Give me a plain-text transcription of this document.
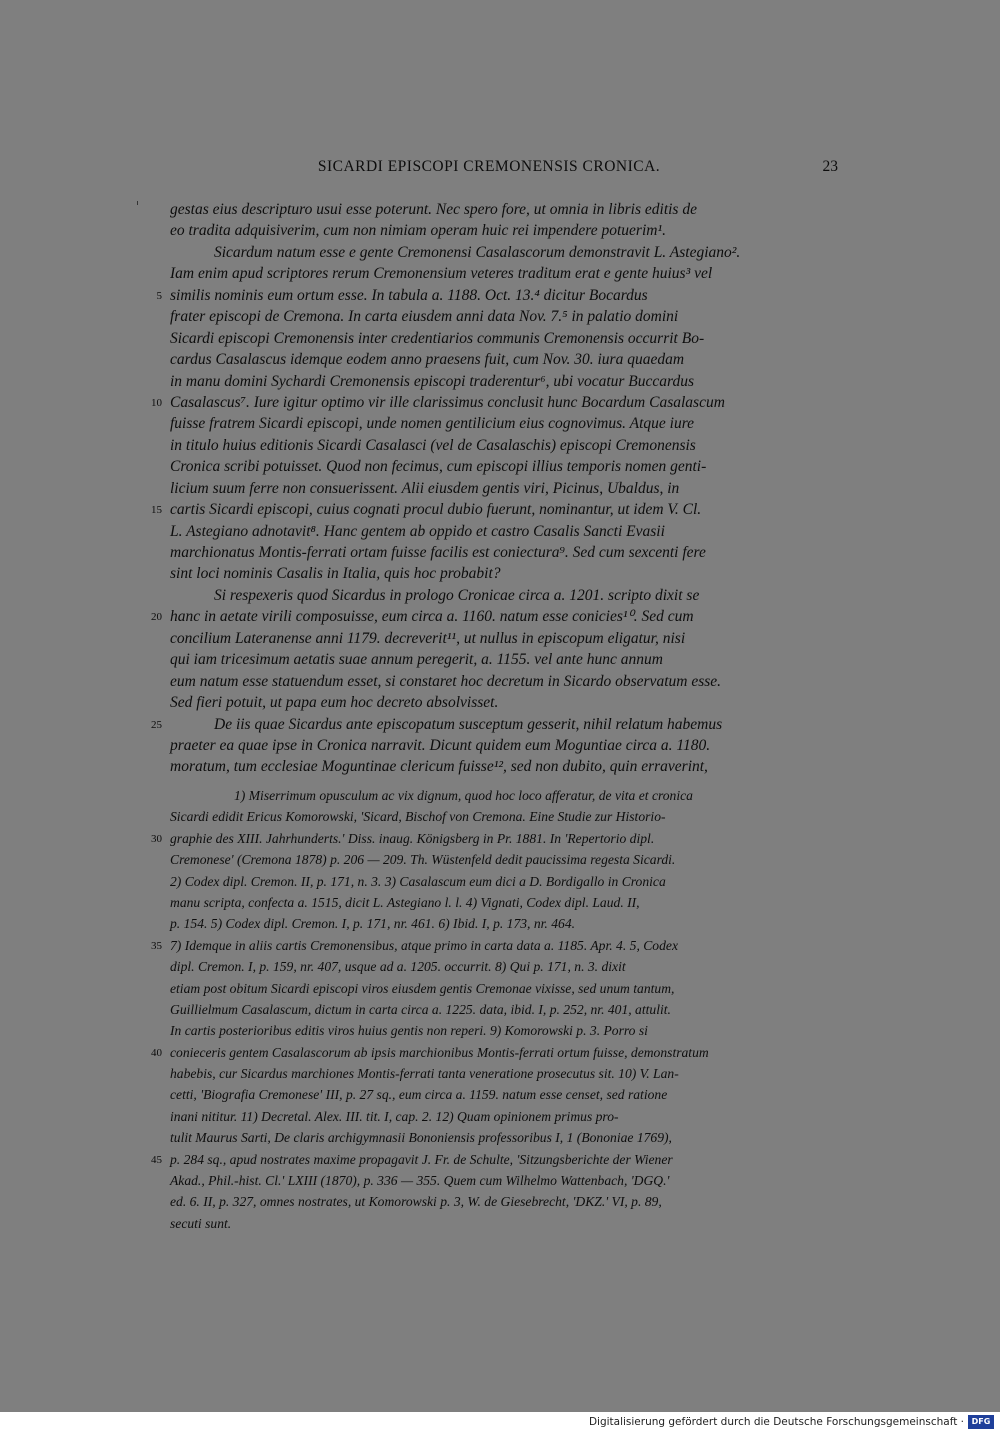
SICARDI EPISCOPI CREMONENSIS CRONICA.	23
gestas eius descripturo usui esse poterunt. Nec spero fore, ut omnia in libris editis de
eo tradita adquisiverim, cum non nimiam operam huic rei impendere potuerim¹.
Sicardum natum esse e gente Cremonensi Casalascorum demonstravit L. Astegiano².
Iam enim apud scriptores rerum Cremonensium veteres traditum erat e gente huius³ vel
5 similis nominis eum ortum esse. In tabula a. 1188. Oct. 13.⁴ dicitur Bocardus
frater episcopi de Cremona. In carta eiusdem anni data Nov. 7.⁵ in palatio domini
Sicardi episcopi Cremonensis inter credentiarios communis Cremonensis occurrit Bo-
cardus Casalascus idemque eodem anno praesens fuit, cum Nov. 30. iura quaedam
in manu domini Sychardi Cremonensis episcopi traderentur⁶, ubi vocatur Buccardus
10 Casalascus⁷. Iure igitur optimo vir ille clarissimus conclusit hunc Bocardum Casalascum
fuisse fratrem Sicardi episcopi, unde nomen gentilicium eius cognovimus. Atque iure
in titulo huius editionis Sicardi Casalasci (vel de Casalaschis) episcopi Cremonensis
Cronica scribi potuisset. Quod non fecimus, cum episcopi illius temporis nomen genti-
licium suum ferre non consuerissent. Alii eiusdem gentis viri, Picinus, Ubaldus, in
15 cartis Sicardi episcopi, cuius cognati procul dubio fuerunt, nominantur, ut idem V. Cl.
L. Astegiano adnotavit⁸. Hanc gentem ab oppido et castro Casalis Sancti Evasii
marchionatus Montis-ferrati ortam fuisse facilis est coniectura⁹. Sed cum sexcenti fere
sint loci nominis Casalis in Italia, quis hoc probabit?
Si respexeris quod Sicardus in prologo Cronicae circa a. 1201. scripto dixit se
20 hanc in aetate virili composuisse, eum circa a. 1160. natum esse conicies¹⁰. Sed cum
concilium Lateranense anni 1179. decreverit¹¹, ut nullus in episcopum eligatur, nisi
qui iam tricesimum aetatis suae annum peregerit, a. 1155. vel ante hunc annum
eum natum esse statuendum esset, si constaret hoc decretum in Sicardo observatum esse.
Sed fieri potuit, ut papa eum hoc decreto absolvisset.
25	De iis quae Sicardus ante episcopatum susceptum gesserit, nihil relatum habemus
praeter ea quae ipse in Cronica narravit. Dicunt quidem eum Moguntiae circa a. 1180.
moratum, tum ecclesiae Moguntinae clericum fuisse¹², sed non dubito, quin erraverint,
1) Miserrimum opusculum ac vix dignum, quod hoc loco afferatur, de vita et cronica
Sicardi edidit Ericus Komorowski, 'Sicard, Bischof von Cremona. Eine Studie zur Historio-
30 graphie des XIII. Jahrhunderts.' Diss. inaug. Königsberg in Pr. 1881. In 'Repertorio dipl.
Cremonese' (Cremona 1878) p. 206 — 209. Th. Wüstenfeld dedit paucissima regesta Sicardi.
2) Codex dipl. Cremon. II, p. 171, n. 3. 3) Casalascum eum dici a D. Bordigallo in Cronica
manu scripta, confecta a. 1515, dicit L. Astegiano l. l. 4) Vignati, Codex dipl. Laud. II,
p. 154. 5) Codex dipl. Cremon. I, p. 171, nr. 461. 6) Ibid. I, p. 173, nr. 464.
35 7) Idemque in aliis cartis Cremonensibus, atque primo in carta data a. 1185. Apr. 4. 5, Codex
dipl. Cremon. I, p. 159, nr. 407, usque ad a. 1205. occurrit. 8) Qui p. 171, n. 3. dixit
etiam post obitum Sicardi episcopi viros eiusdem gentis Cremonae vixisse, sed unum tantum,
Guillielmum Casalascum, dictum in carta circa a. 1225. data, ibid. I, p. 252, nr. 401, attulit.
In cartis posterioribus editis viros huius gentis non reperi. 9) Komorowski p. 3. Porro si
40 conieceris gentem Casalascorum ab ipsis marchionibus Montis-ferrati ortum fuisse, demonstratum
habebis, cur Sicardus marchiones Montis-ferrati tanta veneratione prosecutus sit. 10) V. Lan-
cetti, 'Biografia Cremonese' III, p. 27 sq., eum circa a. 1159. natum esse censet, sed ratione
inani nititur. 11) Decretal. Alex. III. tit. I, cap. 2. 12) Quam opinionem primus pro-
tulit Maurus Sarti, De claris archigymnasii Bononiensis professoribus I, 1 (Bononiae 1769),
45 p. 284 sq., apud nostrates maxime propagavit J. Fr. de Schulte, 'Sitzungsberichte der Wiener
Akad., Phil.-hist. Cl.' LXIII (1870), p. 336 — 355. Quem cum Wilhelmo Wattenbach, 'DGQ.'
ed. 6. II, p. 327, omnes nostrates, ut Komorowski p. 3, W. de Giesebrecht, 'DKZ.' VI, p. 89,
secuti sunt.
Digitalisierung gefördert durch die Deutsche Forschungsgemeinschaft · DFG
